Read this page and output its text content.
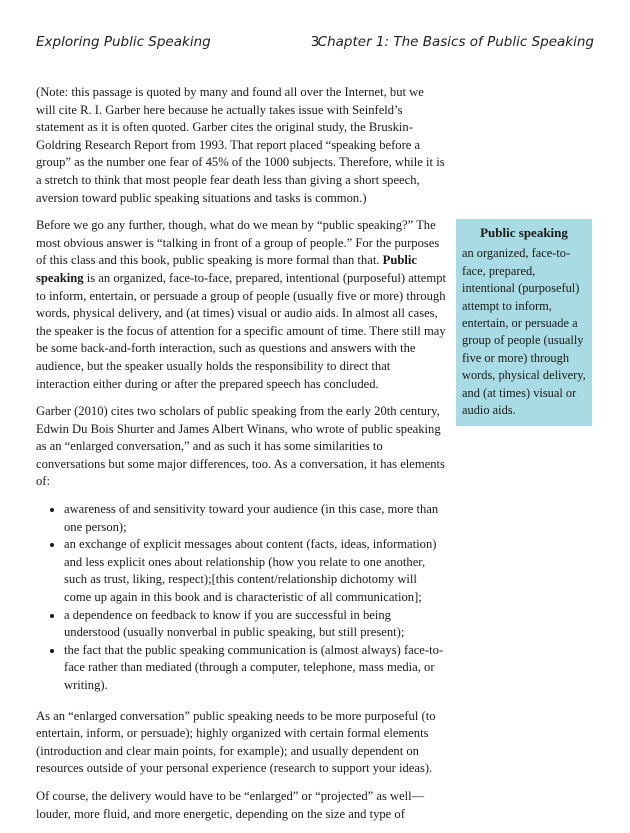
Exploring Public Speaking	3
Chapter 1: The Basics of Public Speaking

(Note: this passage is quoted by many and found all over the Internet, but we will cite R. I. Garber here because he actually takes issue with Seinfeld’s statement as it is often quoted. Garber cites the original study, the Bruskin-Goldring Research Report from 1993. That report placed “speaking before a group” as the number one fear of 45% of the 1000 subjects. Therefore, while it is a stretch to think that most people fear death less than giving a short speech, aversion toward public speaking situations and tasks is common.)

Before we go any further, though, what do we mean by “public speaking?” The most obvious answer is “talking in front of a group of people.” For the purposes of this class and this book, public speaking is more formal than that. Public speaking is an organized, face-to-face, prepared, intentional (purposeful) attempt to inform, entertain, or persuade a group of people (usually five or more) through words, physical delivery, and (at times) visual or audio aids. In almost all cases, the speaker is the focus of attention for a specific amount of time. There still may be some back-and-forth interaction, such as questions and answers with the audience, but the speaker usually holds the responsibility to direct that interaction either during or after the prepared speech has concluded.

Garber (2010) cites two scholars of public speaking from the early 20th century, Edwin Du Bois Shurter and James Albert Winans, who wrote of public speaking as an “enlarged conversation,” and as such it has some similarities to conversations but some major differences, too. As a conversation, it has elements of:

• awareness of and sensitivity toward your audience (in this case, more than one person);
• an exchange of explicit messages about content (facts, ideas, information) and less explicit ones about relationship (how you relate to one another, such as trust, liking, respect);[this content/relationship dichotomy will come up again in this book and is characteristic of all communication];
• a dependence on feedback to know if you are successful in being understood (usually nonverbal in public speaking, but still present);
• the fact that the public speaking communication is (almost always) face-to-face rather than mediated (through a computer, telephone, mass media, or writing).

As an “enlarged conversation” public speaking needs to be more purposeful (to entertain, inform, or persuade); highly organized with certain formal elements (introduction and clear main points, for example); and usually dependent on resources outside of your personal experience (research to support your ideas).

Of course, the delivery would have to be “enlarged” or “projected” as well—louder, more fluid, and more energetic, depending on the size and type of

Public speaking
an organized, face-to-face, prepared, intentional (purposeful) attempt to inform, entertain, or persuade a group of people (usually five or more) through words, physical delivery, and (at times) visual or audio aids.
